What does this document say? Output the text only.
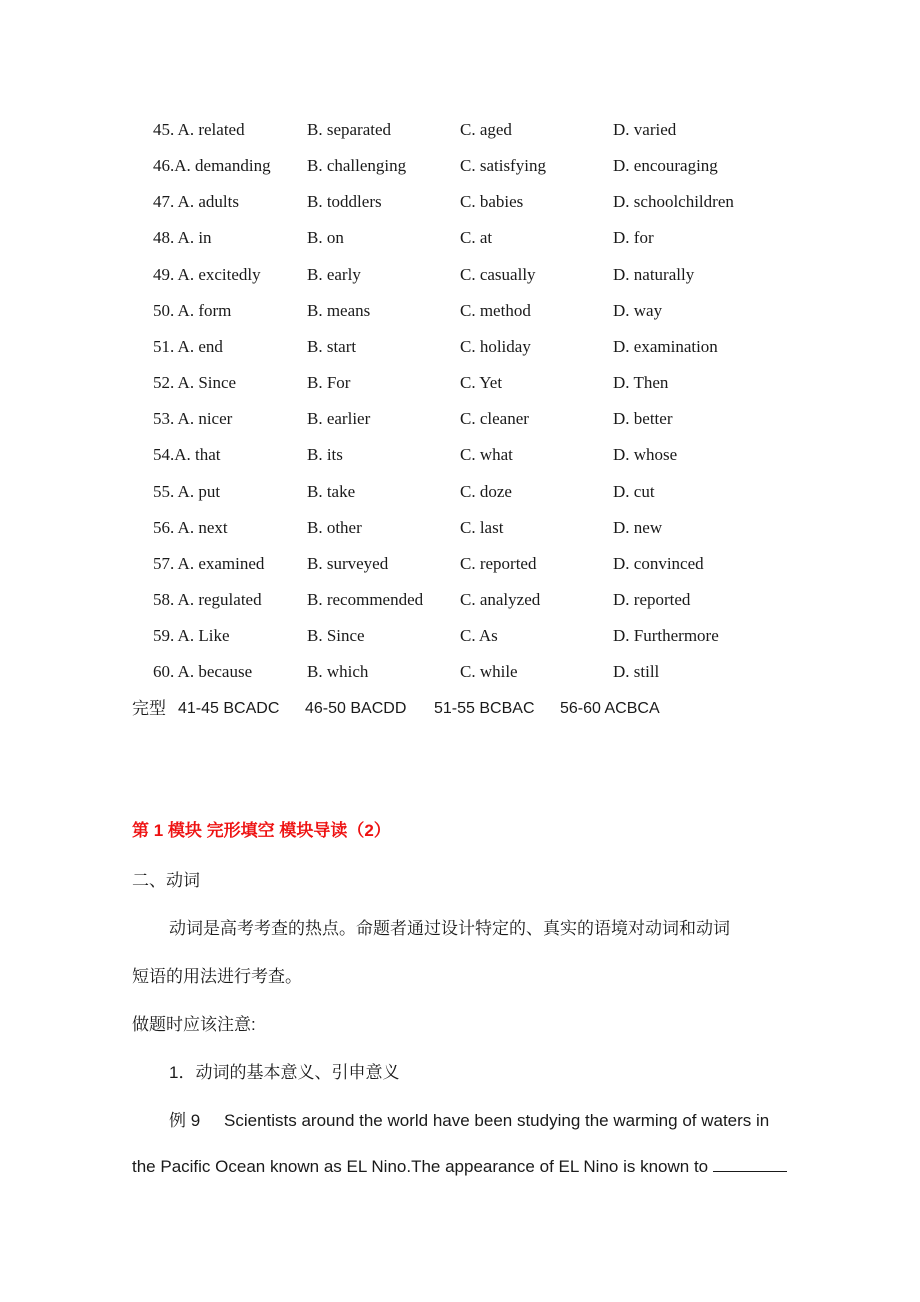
45. A. related	B. separated	C. aged	D. varied
46.A. demanding B. challenging	C. satisfying	D. encouraging
47. A. adults	B. toddlers	C. babies	D. schoolchildren
48. A. in	B. on	C. at	D. for
49. A. excitedly	B. early	C. casually	D. naturally
50. A. form	B. means	C. method	D. way
51. A. end	B. start	C. holiday	D. examination
52. A. Since	B. For	C. Yet	D. Then
53. A. nicer	B. earlier	C. cleaner	D. better
54.A. that	B. its	C. what	D. whose
55. A. put	B. take	C. doze	D. cut
56. A. next	B. other	C. last	D. new
57. A. examined	B. surveyed	C. reported	D. convinced
58. A. regulated	B. recommended C. analyzed	D. reported
59. A. Like	B. Since	C. As	D. Furthermore
60. A. because	B. which	C. while	D. still
完型 41-45 BCADC 46-50 BACDD 51-55 BCBAC 56-60 ACBCA
第 1 模块 完形填空 模块导读（2）
二、动词
动词是高考考查的热点。命题者通过设计特定的、真实的语境对动词和动词
短语的用法进行考查。
做题时应该注意:
1．动词的基本意义、引申意义
例 9 Scientists around the world have been studying the warming of waters in
the Pacific Ocean known as EL Nino.The appearance of EL Nino is known to
